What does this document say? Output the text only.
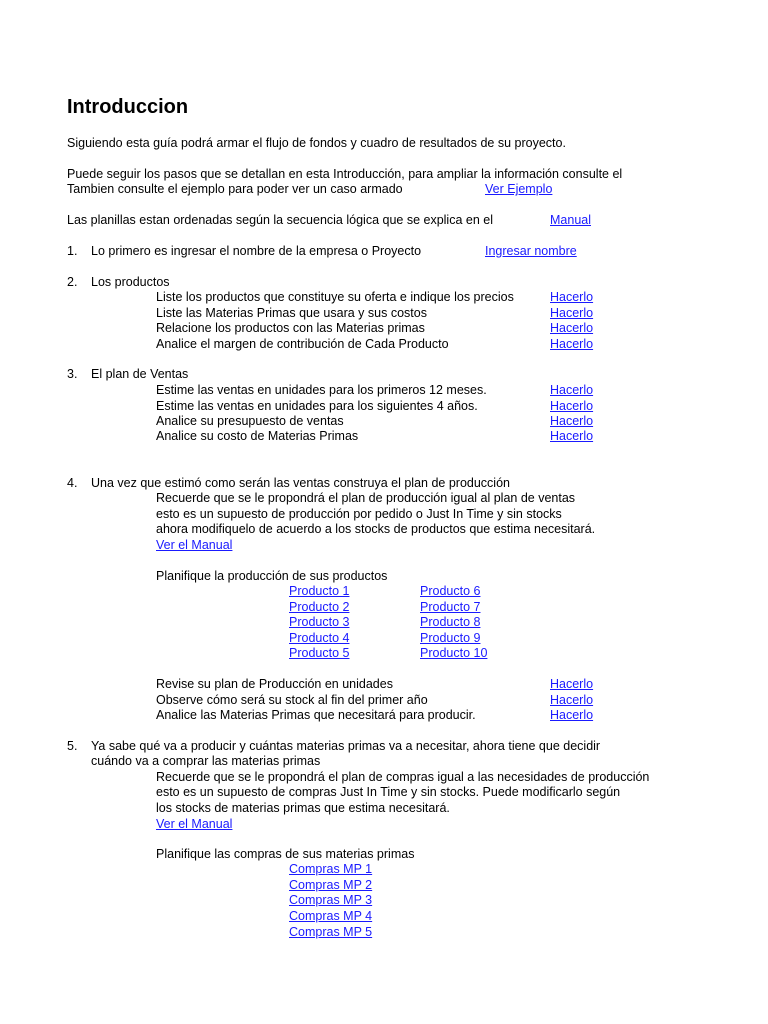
Introduccion
Siguiendo esta guía podrá armar el flujo de fondos y cuadro de resultados de su proyecto.
Puede seguir los pasos que se detallan en esta Introducción, para ampliar la información consulte el
Tambien consulte el ejemplo para poder ver un caso armado	Ver Ejemplo
Las planillas estan ordenadas según la secuencia lógica que se explica en el	Manual
1. Lo primero es ingresar el nombre de la empresa o Proyecto	Ingresar nombre
2. Los productos
Liste los productos que constituye su oferta e indique los precios	Hacerlo
Liste las Materias Primas que usara y sus costos	Hacerlo
Relacione los productos con las Materias primas	Hacerlo
Analice el margen de contribución de Cada Producto	Hacerlo
3. El plan de Ventas
Estime las ventas en unidades para los primeros 12 meses.	Hacerlo
Estime las ventas en unidades para los siguientes 4 años.	Hacerlo
Analice su presupuesto de ventas	Hacerlo
Analice su costo de Materias Primas	Hacerlo
4. Una vez que estimó como serán las ventas construya el plan de producción
Recuerde que se le propondrá el plan de producción igual al plan de ventas
esto es un supuesto de producción por pedido o Just In Time y sin stocks
ahora modifiquelo de acuerdo a los stocks de productos que estima necesitará.
Ver el Manual
Planifique la producción de sus productos
Producto 1	Producto 6
Producto 2	Producto 7
Producto 3	Producto 8
Producto 4	Producto 9
Producto 5	Producto 10
Revise su plan de Producción en unidades	Hacerlo
Observe cómo será su stock al fin del primer año	Hacerlo
Analice las Materias Primas que necesitará para producir.	Hacerlo
5. Ya sabe qué va a producir y cuántas materias primas va a necesitar, ahora tiene que decidir
cuándo va a comprar las materias primas
Recuerde que se le propondrá el plan de compras igual a las necesidades de producción
esto es un supuesto de compras Just In Time y sin stocks. Puede modificarlo según
los stocks de materias primas que estima necesitará.
Ver el Manual
Planifique las compras de sus materias primas
Compras MP 1
Compras MP 2
Compras MP 3
Compras MP 4
Compras MP 5
